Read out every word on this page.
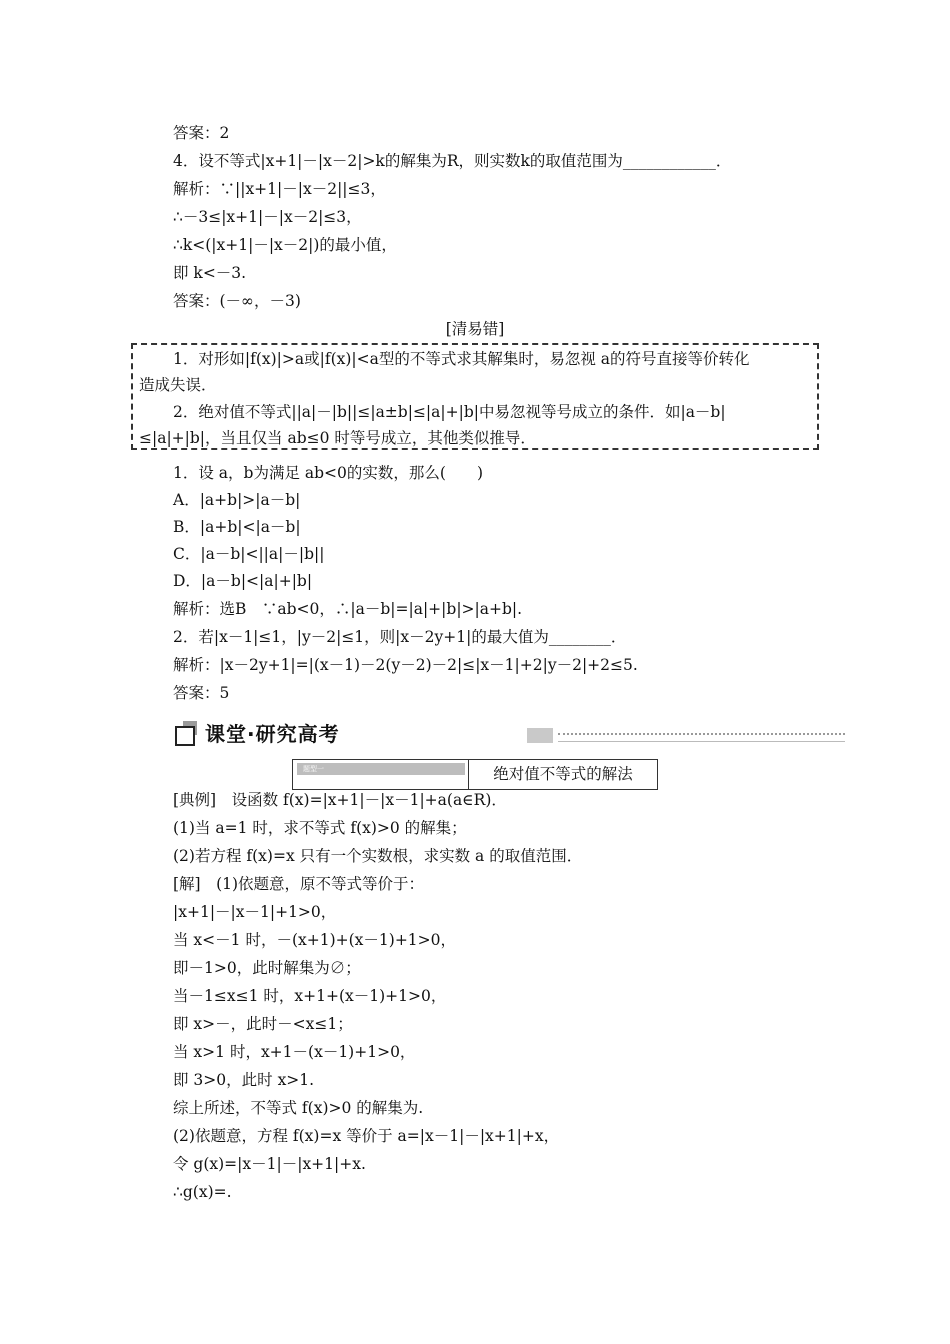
答案：2
4．设不等式|x+1|－|x－2|>k的解集为R，则实数k的取值范围为____________．
解析：∵||x+1|－|x－2||≤3，
∴－3≤|x+1|－|x－2|≤3，
∴k<(|x+1|－|x－2|)的最小值，
即 k<－3.
答案：(－∞，－3)
[清易错]
1．对形如|f(x)|>a或|f(x)|<a型的不等式求其解集时，易忽视 a的符号直接等价转化
造成失误．
2．绝对值不等式||a|－|b||≤|a±b|≤|a|+|b|中易忽视等号成立的条件．如|a－b|
≤|a|+|b|，当且仅当 ab≤0 时等号成立，其他类似推导．
1．设 a，b为满足 ab<0的实数，那么(　　)
A．|a+b|>|a－b|
B．|a+b|<|a－b|
C．|a－b|<||a|－|b||
D．|a－b|<|a|+|b|
解析：选B　∵ab<0，∴|a－b|=|a|+|b|>|a+b|.
2．若|x－1|≤1，|y－2|≤1，则|x－2y+1|的最大值为________．
解析：|x－2y+1|=|(x－1)－2(y－2)－2|≤|x－1|+2|y－2|+2≤5.
答案：5
课堂·研究高考
题型一	绝对值不等式的解法
[典例]　设函数 f(x)=|x+1|－|x－1|+a(a∈R)．
(1)当 a=1 时，求不等式 f(x)>0 的解集；
(2)若方程 f(x)=x 只有一个实数根，求实数 a 的取值范围．
[解]　(1)依题意，原不等式等价于：
|x+1|－|x－1|+1>0，
当 x<－1 时，－(x+1)+(x－1)+1>0，
即－1>0，此时解集为∅；
当－1≤x≤1 时，x+1+(x－1)+1>0，
即 x>－，此时－<x≤1；
当 x>1 时，x+1－(x－1)+1>0，
即 3>0，此时 x>1.
综上所述，不等式 f(x)>0 的解集为.
(2)依题意，方程 f(x)=x 等价于 a=|x－1|－|x+1|+x，
令 g(x)=|x－1|－|x+1|+x.
∴g(x)=.
